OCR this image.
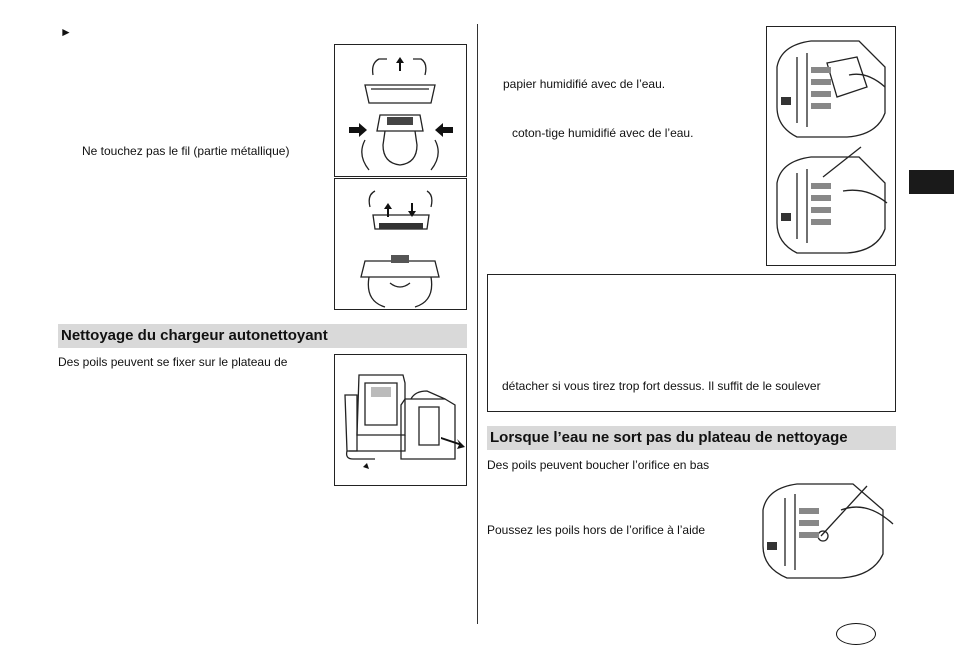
►
Ne touchez pas le fil (partie métallique)
Nettoyage du chargeur autonettoyant
Des poils peuvent se fixer sur le plateau de
papier humidifié avec de l’eau.
coton-tige humidifié avec de l’eau.
détacher si vous tirez trop fort dessus. Il suffit de le soulever
Lorsque l’eau ne sort pas du plateau de nettoyage
Des poils peuvent boucher l’orifice en bas
Poussez les poils hors de l’orifice à l’aide
